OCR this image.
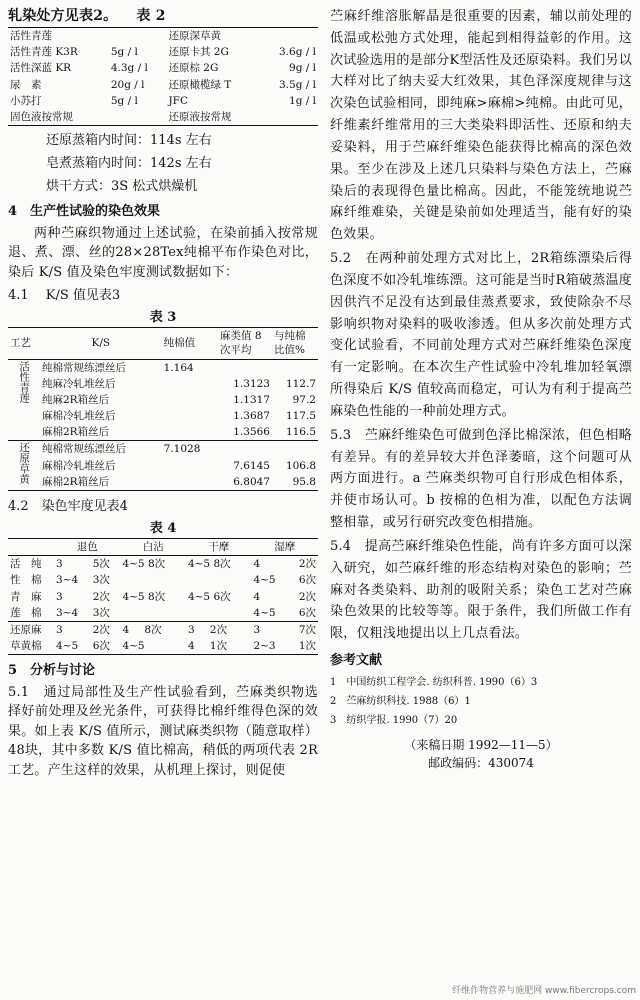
轧染处方见表2。 表 2

活性青莲		还原深草黄	
活性青莲 K3R	5g / l	还原卡其 2G	3.6g / l
活性深蓝 KR	4.3g / l	还原棕 2G	9g / l
尿　素	20g / l	还原橄榄绿 T	3.5g / l
小苏打	5g / l	JFC	1g / l
固色液按常规		还原液按常规	

还原蒸箱内时间：114s 左右

皂煮蒸箱内时间：142s 左右

烘干方式：3S 松式烘燥机

4　生产性试验的染色效果

两种苎麻织物通过上述试验，在染前插入按常规退、煮、漂、丝的28×28Tex纯棉平布作染色对比，染后 K/S 值及染色牢度测试数据如下：

4.1　 K/S 值见表3

表 3

工艺	K/S	纯棉值	麻类值 8次平均	与纯棉 比值%
活性青莲	纯棉常规练漂丝后	1.164		
	纯麻冷轧堆丝后		1.3123	112.7
	纯麻2R箱丝后		1.1317	97.2
	麻棉冷轧堆丝后		1.3687	117.5
	麻棉2R箱丝后		1.3566	116.5
还原草黄	纯棉常规练漂丝后	7.1028		
	麻棉冷轧堆丝后		7.6145	106.8
	麻棉2R箱丝后		6.8047	95.8

4.2　染色牢度见表4

表 4

	退色		白沾		干摩		湿摩	
活　纯	3	5次	4~5 8次		4~5 8次		4	2次
性　棉	3~4	3次					4~5	6次
青　麻	3	2次	4~5 8次		4~5 6次		4	2次
莲　棉	3~4	3次					4~5	6次
还原麻	3	2次	4	8次	3	2次	3	7次
草黄棉	4~5	6次	4~5		4	1次	2~3	1次

5　分析与讨论

5.1　通过局部性及生产性试验看到，苎麻类织物选择好前处理及丝光条件，可获得比棉纤维得色深的效果。如上表 K/S 值所示，测试麻类织物（随意取样）48块，其中多数 K/S 值比棉高，稍低的两项代表 2R 工艺。产生这样的效果，从机理上探讨，则促使

苎麻纤维溶胀解晶是很重要的因素，辅以前处理的低温或松弛方式处理，能起到相得益彰的作用。这次试验选用的是部分K型活性及还原染料。我们另以大样对比了纳夫妥大红效果，其色泽深度规律与这次染色试验相同，即纯麻>麻棉>纯棉。由此可见，纤维素纤维常用的三大类染料即活性、还原和纳夫妥染料，用于苎麻纤维染色能获得比棉高的深色效果。至少在涉及上述几只染料与染色方法上，苎麻染后的表现得色量比棉高。因此，不能笼统地说苎麻纤维难染，关键是染前如处理适当，能有好的染色效果。

5.2　在两种前处理方式对比上，2R箱练漂染后得色深度不如冷轧堆练漂。这可能是当时R箱破蒸温度因供汽不足没有达到最佳蒸煮要求，致使除杂不尽影响织物对染料的吸收渗透。但从多次前处理方式变化试验看，不同前处理方式对苎麻纤维染色深度有一定影响。在本次生产性试验中冷轧堆加轻氧漂所得染后 K/S 值较高而稳定，可认为有利于提高苎麻染色性能的一种前处理方式。

5.3　苎麻纤维染色可做到色泽比棉深浓，但色相略有差异。有的差异较大并色泽萎暗，这个问题可从两方面进行。a 苎麻类织物可自行形成色相体系，并使市场认可。b 按棉的色相为准，以配色方法调整相靠，或另行研究改变色相措施。

5.4　提高苎麻纤维染色性能，尚有许多方面可以深入研究，如苎麻纤维的形态结构对染色的影响；苎麻对各类染料、助剂的吸附关系；染色工艺对苎麻染色效果的比较等等。限于条件，我们所做工作有限，仅粗浅地提出以上几点看法。

参考文献

1　中国纺织工程学会. 纺织科普. 1990（6）3

2　苎麻纺织科技. 1988（6）1

3　纺织学报. 1990（7）20

（来稿日期 1992—11—5）

邮政编码：430074

纤维作物营养与施肥网 www.fibercrops.com
